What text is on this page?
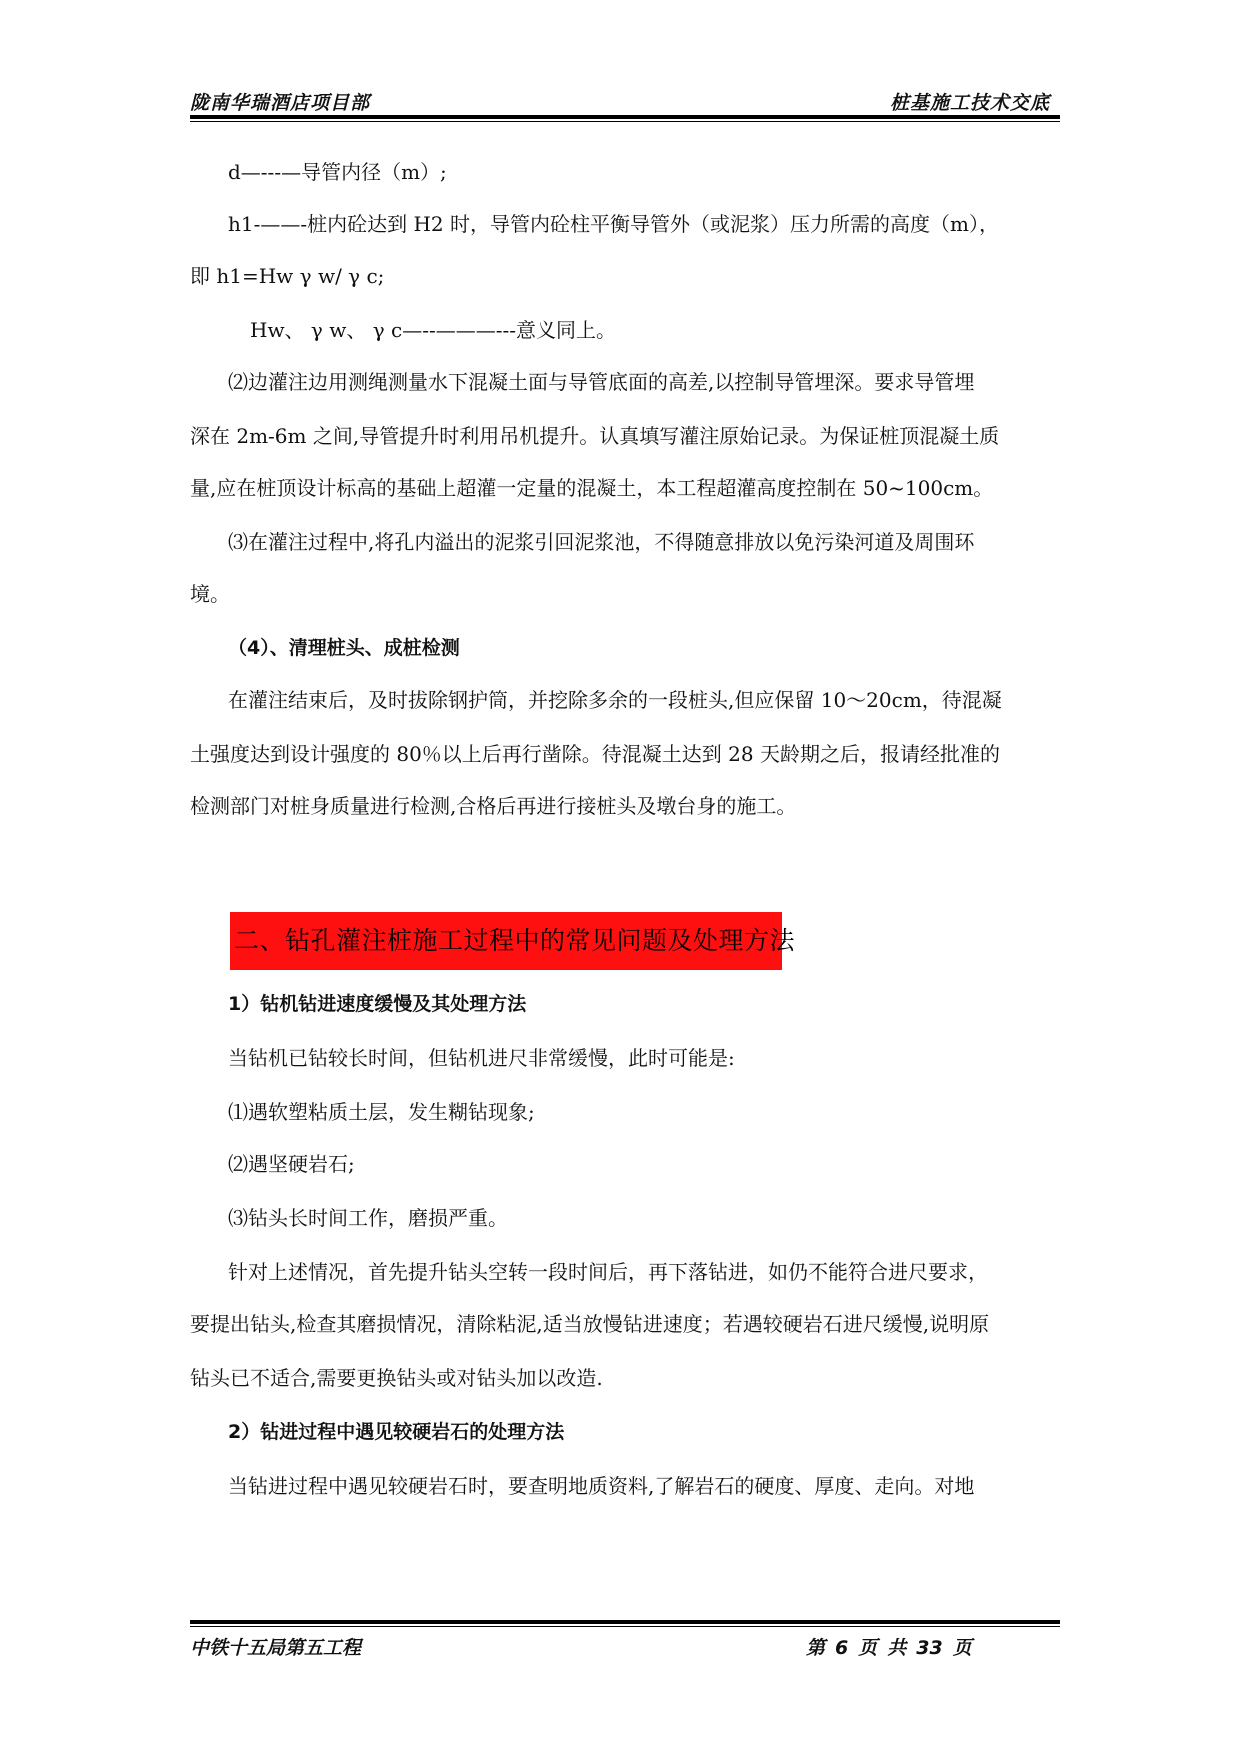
陇南华瑞酒店项目部	桩基施工技术交底
d—---—导管内径（m）;
h1-——-桩内砼达到 H2 时，导管内砼柱平衡导管外（或泥浆）压力所需的高度（m），
即 h1=Hw γ w/ γ c;
Hw、 γ w、 γ c—--———---意义同上。
⑵边灌注边用测绳测量水下混凝土面与导管底面的高差,以控制导管埋深。要求导管埋
深在 2m-6m 之间,导管提升时利用吊机提升。认真填写灌注原始记录。为保证桩顶混凝土质
量,应在桩顶设计标高的基础上超灌一定量的混凝土，本工程超灌高度控制在 50~100cm。
⑶在灌注过程中,将孔内溢出的泥浆引回泥浆池，不得随意排放以免污染河道及周围环
境。
（4）、清理桩头、成桩检测
在灌注结束后，及时拔除钢护筒，并挖除多余的一段桩头,但应保留 10～20cm，待混凝
土强度达到设计强度的 80％以上后再行凿除。待混凝土达到 28 天龄期之后，报请经批准的
检测部门对桩身质量进行检测,合格后再进行接桩头及墩台身的施工。
二、钻孔灌注桩施工过程中的常见问题及处理方法
1）钻机钻进速度缓慢及其处理方法
当钻机已钻较长时间，但钻机进尺非常缓慢，此时可能是:
⑴遇软塑粘质土层，发生糊钻现象;
⑵遇坚硬岩石;
⑶钻头长时间工作，磨损严重。
针对上述情况，首先提升钻头空转一段时间后，再下落钻进，如仍不能符合进尺要求，
要提出钻头,检查其磨损情况，清除粘泥,适当放慢钻进速度；若遇较硬岩石进尺缓慢,说明原
钻头已不适合,需要更换钻头或对钻头加以改造.
2）钻进过程中遇见较硬岩石的处理方法
当钻进过程中遇见较硬岩石时，要查明地质资料,了解岩石的硬度、厚度、走向。对地
中铁十五局第五工程	第 6 页 共 33 页
